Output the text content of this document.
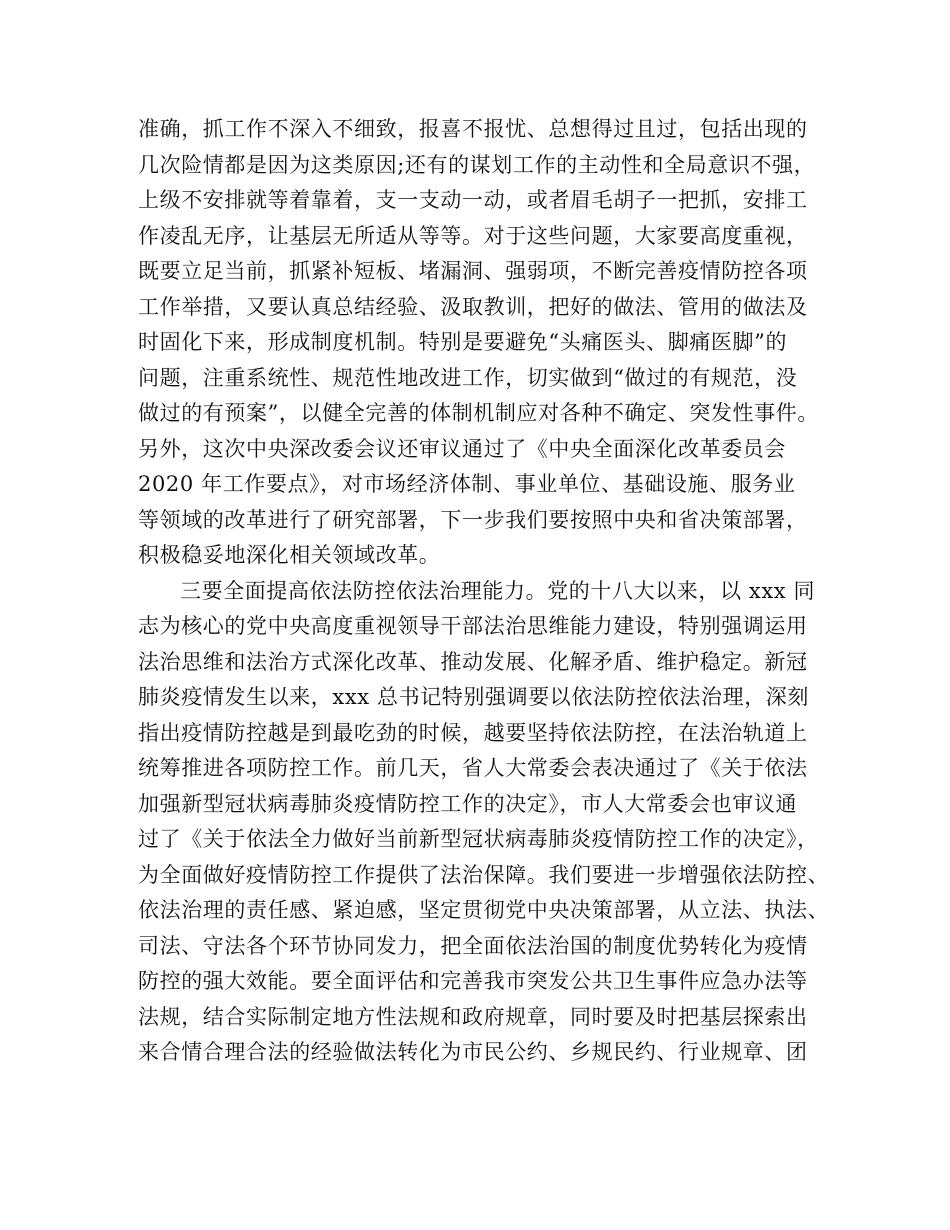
准确，抓工作不深入不细致，报喜不报忧、总想得过且过，包括出现的
几次险情都是因为这类原因;还有的谋划工作的主动性和全局意识不强，
上级不安排就等着靠着，支一支动一动，或者眉毛胡子一把抓，安排工
作凌乱无序，让基层无所适从等等。对于这些问题，大家要高度重视，
既要立足当前，抓紧补短板、堵漏洞、强弱项，不断完善疫情防控各项
工作举措，又要认真总结经验、汲取教训，把好的做法、管用的做法及
时固化下来，形成制度机制。特别是要避免“头痛医头、脚痛医脚”的
问题，注重系统性、规范性地改进工作，切实做到“做过的有规范，没
做过的有预案”，以健全完善的体制机制应对各种不确定、突发性事件。
另外，这次中央深改委会议还审议通过了《中央全面深化改革委员会
2020 年工作要点》，对市场经济体制、事业单位、基础设施、服务业
等领域的改革进行了研究部署，下一步我们要按照中央和省决策部署，
积极稳妥地深化相关领域改革。
三要全面提高依法防控依法治理能力。党的十八大以来，以 xxx 同
志为核心的党中央高度重视领导干部法治思维能力建设，特别强调运用
法治思维和法治方式深化改革、推动发展、化解矛盾、维护稳定。新冠
肺炎疫情发生以来，xxx 总书记特别强调要以依法防控依法治理，深刻
指出疫情防控越是到最吃劲的时候，越要坚持依法防控，在法治轨道上
统筹推进各项防控工作。前几天，省人大常委会表决通过了《关于依法
加强新型冠状病毒肺炎疫情防控工作的决定》，市人大常委会也审议通
过了《关于依法全力做好当前新型冠状病毒肺炎疫情防控工作的决定》，
为全面做好疫情防控工作提供了法治保障。我们要进一步增强依法防控、
依法治理的责任感、紧迫感，坚定贯彻党中央决策部署，从立法、执法、
司法、守法各个环节协同发力，把全面依法治国的制度优势转化为疫情
防控的强大效能。要全面评估和完善我市突发公共卫生事件应急办法等
法规，结合实际制定地方性法规和政府规章，同时要及时把基层探索出
来合情合理合法的经验做法转化为市民公约、乡规民约、行业规章、团
